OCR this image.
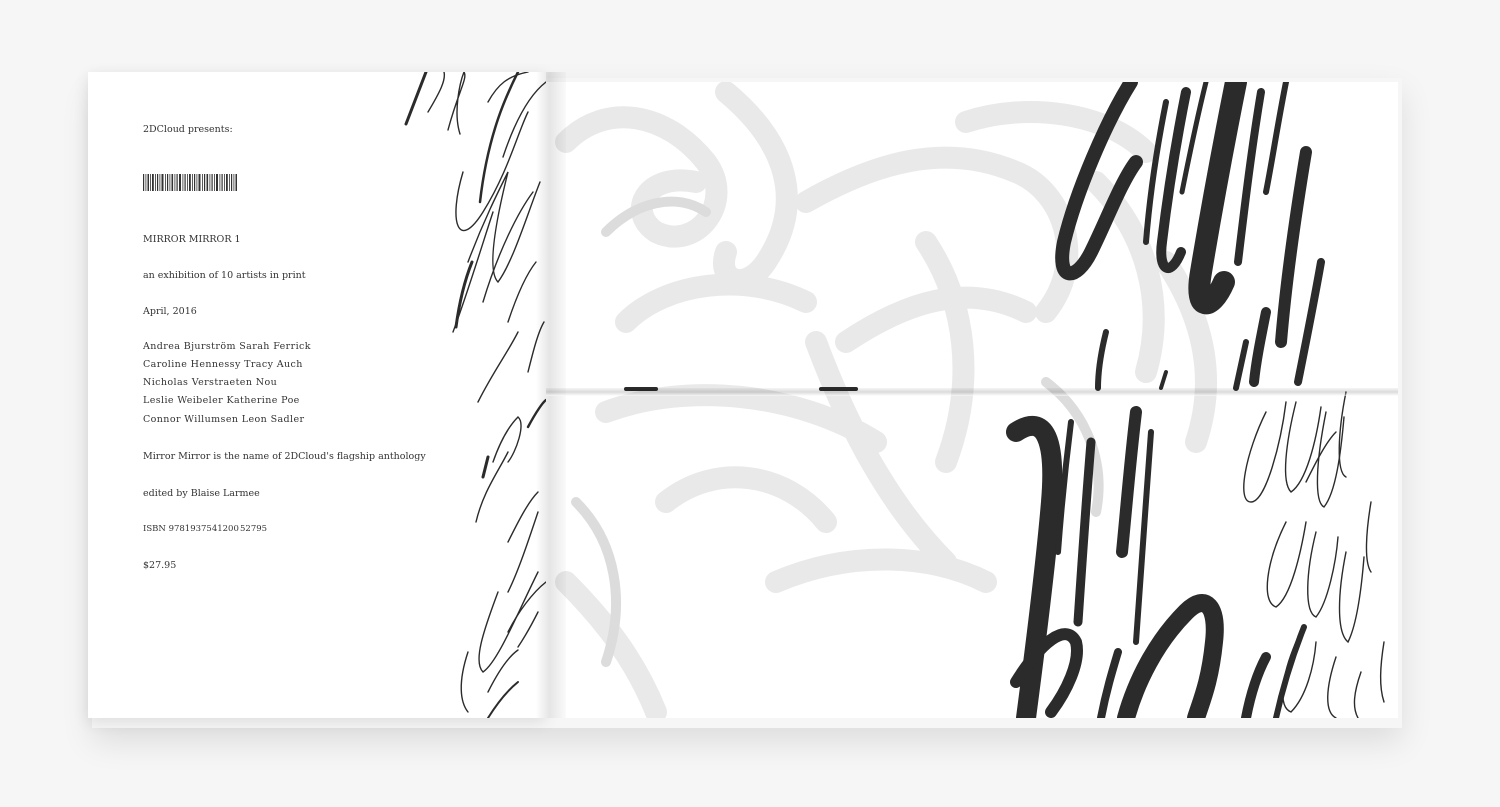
2DCloud presents:
MIRROR MIRROR 1
an exhibition of 10 artists in print
April, 2016
Andrea Bjurström Sarah Ferrick
Caroline Hennessy Tracy Auch
Nicholas Verstraeten Nou
Leslie Weibeler Katherine Poe
Connor Willumsen Leon Sadler
Mirror Mirror is the name of 2DCloud's flagship anthology
edited by Blaise Larmee
ISBN 9781937541200 52795
$27.95
